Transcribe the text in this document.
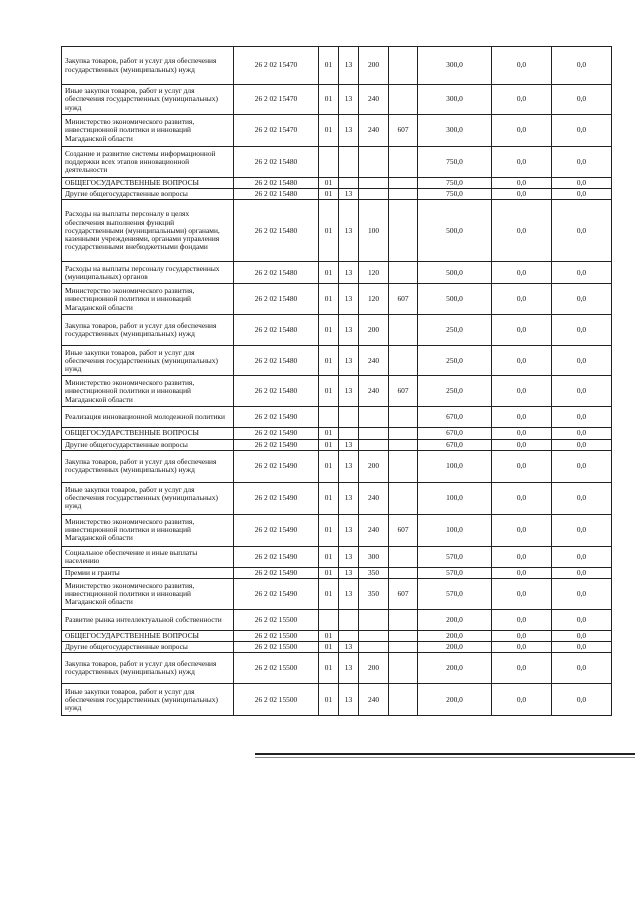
Закупка товаров, работ и услуг для обеспечения государственных (муниципальных) нужд	26 2 02 15470	01	13	200		300,0	0,0	0,0
Иные закупки товаров, работ и услуг для обеспечения государственных (муниципальных) нужд	26 2 02 15470	01	13	240		300,0	0,0	0,0
Министерство экономического развития, инвестиционной политики и инноваций Магаданской области	26 2 02 15470	01	13	240	607	300,0	0,0	0,0
Создание и развитие системы информационной поддержки всех этапов инновационной деятельности	26 2 02 15480					750,0	0,0	0,0
ОБЩЕГОСУДАРСТВЕННЫЕ ВОПРОСЫ	26 2 02 15480	01				750,0	0,0	0,0
Другие общегосударственные вопросы	26 2 02 15480	01	13			750,0	0,0	0,0
Расходы на выплаты персоналу в целях обеспечения выполнения функций государственными (муниципальными) органами, казенными учреждениями, органами управления государственными внебюджетными фондами	26 2 02 15480	01	13	100		500,0	0,0	0,0
Расходы на выплаты персоналу государственных (муниципальных) органов	26 2 02 15480	01	13	120		500,0	0,0	0,0
Министерство экономического развития, инвестиционной политики и инноваций Магаданской области	26 2 02 15480	01	13	120	607	500,0	0,0	0,0
Закупка товаров, работ и услуг для обеспечения государственных (муниципальных) нужд	26 2 02 15480	01	13	200		250,0	0,0	0,0
Иные закупки товаров, работ и услуг для обеспечения государственных (муниципальных) нужд	26 2 02 15480	01	13	240		250,0	0,0	0,0
Министерство экономического развития, инвестиционной политики и инноваций Магаданской области	26 2 02 15480	01	13	240	607	250,0	0,0	0,0
Реализация инновационной молодежной политики	26 2 02 15490					670,0	0,0	0,0
ОБЩЕГОСУДАРСТВЕННЫЕ ВОПРОСЫ	26 2 02 15490	01				670,0	0,0	0,0
Другие общегосударственные вопросы	26 2 02 15490	01	13			670,0	0,0	0,0
Закупка товаров, работ и услуг для обеспечения государственных (муниципальных) нужд	26 2 02 15490	01	13	200		100,0	0,0	0,0
Иные закупки товаров, работ и услуг для обеспечения государственных (муниципальных) нужд	26 2 02 15490	01	13	240		100,0	0,0	0,0
Министерство экономического развития, инвестиционной политики и инноваций Магаданской области	26 2 02 15490	01	13	240	607	100,0	0,0	0,0
Социальное обеспечение и иные выплаты населению	26 2 02 15490	01	13	300		570,0	0,0	0,0
Премии и гранты	26 2 02 15490	01	13	350		570,0	0,0	0,0
Министерство экономического развития, инвестиционной политики и инноваций Магаданской области	26 2 02 15490	01	13	350	607	570,0	0,0	0,0
Развитие рынка интеллектуальной собственности	26 2 02 15500					200,0	0,0	0,0
ОБЩЕГОСУДАРСТВЕННЫЕ ВОПРОСЫ	26 2 02 15500	01				200,0	0,0	0,0
Другие общегосударственные вопросы	26 2 02 15500	01	13			200,0	0,0	0,0
Закупка товаров, работ и услуг для обеспечения государственных (муниципальных) нужд	26 2 02 15500	01	13	200		200,0	0,0	0,0
Иные закупки товаров, работ и услуг для обеспечения государственных (муниципальных) нужд	26 2 02 15500	01	13	240		200,0	0,0	0,0
